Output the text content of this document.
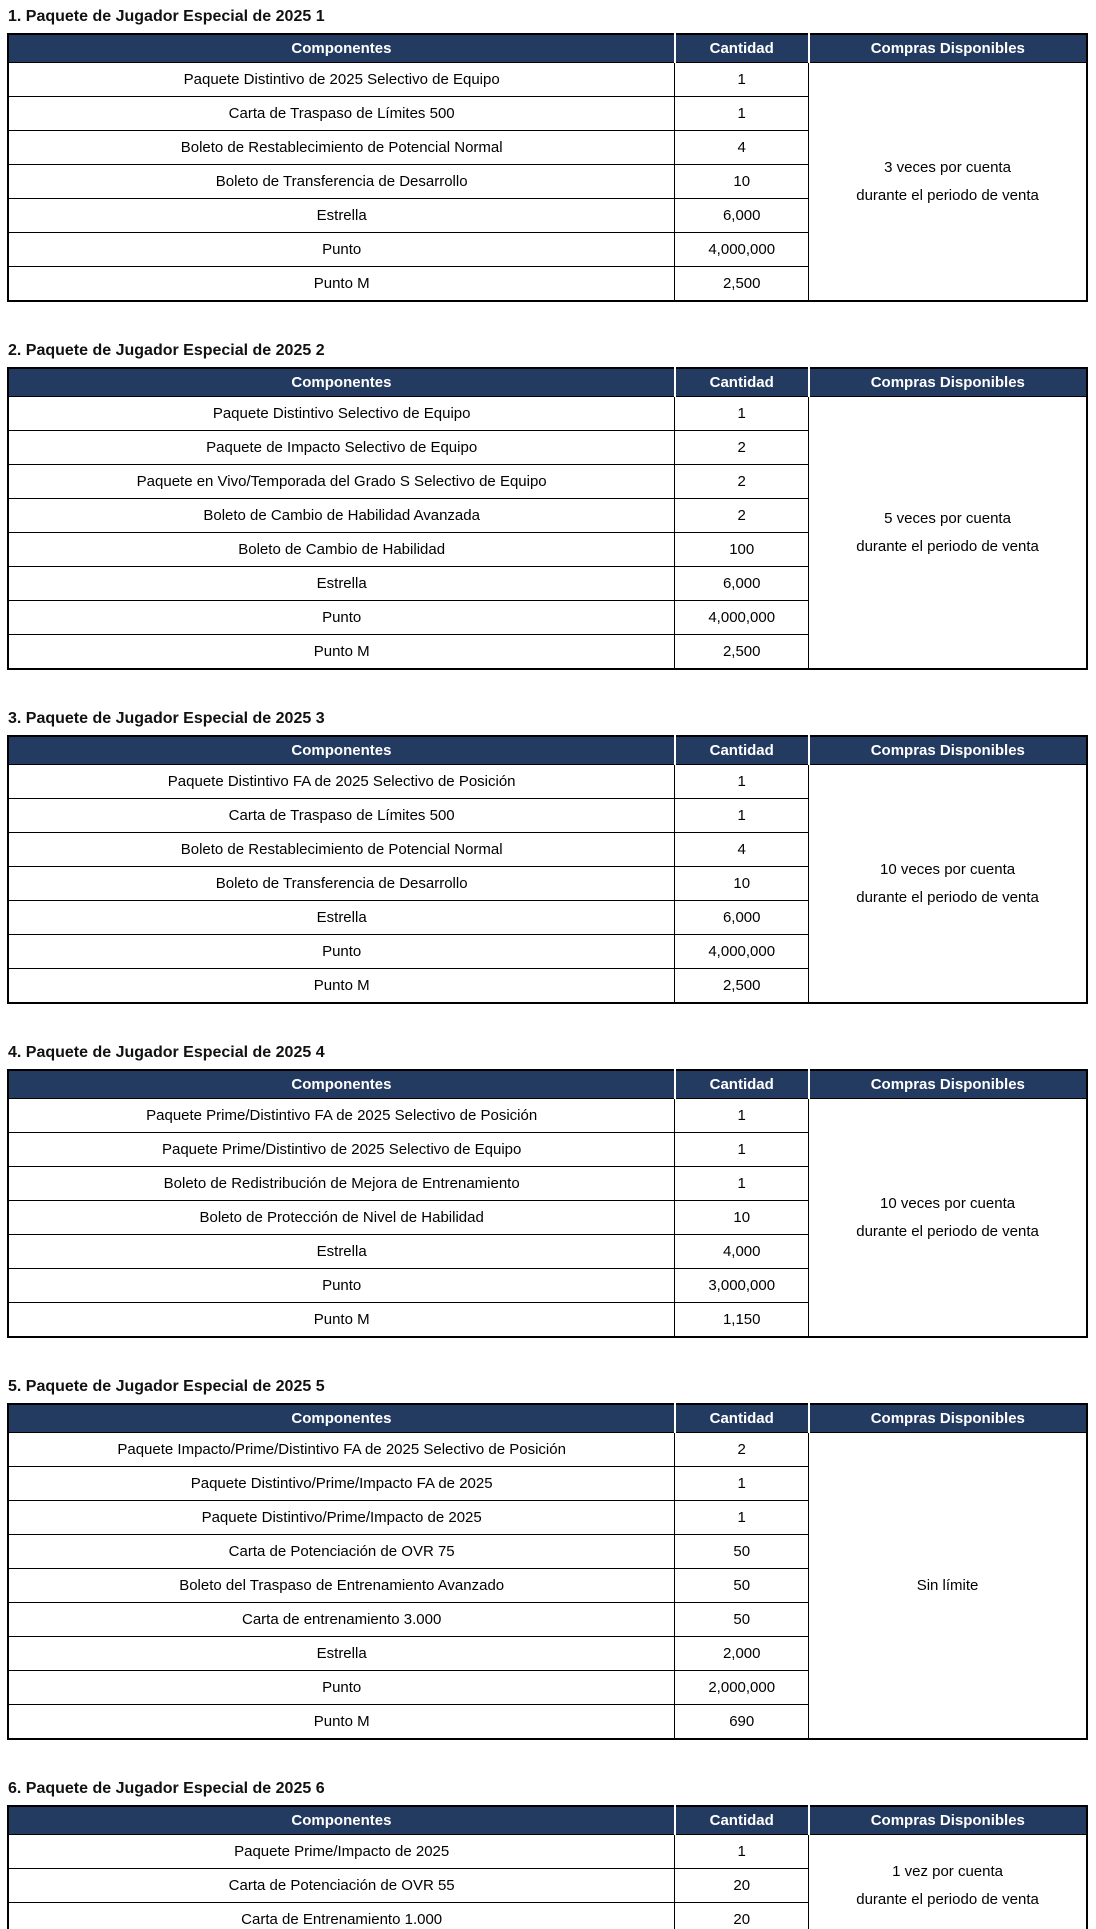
1. Paquete de Jugador Especial de 2025 1
Componentes	Cantidad	Compras Disponibles
Paquete Distintivo de 2025 Selectivo de Equipo	1	3 veces por cuenta
durante el periodo de venta

Carta de Traspaso de Límites 500	1	
Boleto de Restablecimiento de Potencial Normal	4	
Boleto de Transferencia de Desarrollo	10	
Estrella	6,000	
Punto	4,000,000	
Punto M	2,500	
2. Paquete de Jugador Especial de 2025 2
Componentes	Cantidad	Compras Disponibles
Paquete Distintivo Selectivo de Equipo	1	5 veces por cuenta
durante el periodo de venta

Paquete de Impacto Selectivo de Equipo	2	
Paquete en Vivo/Temporada del Grado S Selectivo de Equipo	2	
Boleto de Cambio de Habilidad Avanzada	2	
Boleto de Cambio de Habilidad	100	
Estrella	6,000	
Punto	4,000,000	
Punto M	2,500	
3. Paquete de Jugador Especial de 2025 3
Componentes	Cantidad	Compras Disponibles
Paquete Distintivo FA de 2025 Selectivo de Posición	1	10 veces por cuenta
durante el periodo de venta

Carta de Traspaso de Límites 500	1	
Boleto de Restablecimiento de Potencial Normal	4	
Boleto de Transferencia de Desarrollo	10	
Estrella	6,000	
Punto	4,000,000	
Punto M	2,500	
4. Paquete de Jugador Especial de 2025 4
Componentes	Cantidad	Compras Disponibles
Paquete Prime/Distintivo FA de 2025 Selectivo de Posición	1	10 veces por cuenta
durante el periodo de venta

Paquete Prime/Distintivo de 2025 Selectivo de Equipo	1	
Boleto de Redistribución de Mejora de Entrenamiento	1	
Boleto de Protección de Nivel de Habilidad	10	
Estrella	4,000	
Punto	3,000,000	
Punto M	1,150	
5. Paquete de Jugador Especial de 2025 5
Componentes	Cantidad	Compras Disponibles
Paquete Impacto/Prime/Distintivo FA de 2025 Selectivo de Posición	2	Sin límite

Paquete Distintivo/Prime/Impacto FA de 2025	1	
Paquete Distintivo/Prime/Impacto de 2025	1	
Carta de Potenciación de OVR 75	50	
Boleto del Traspaso de Entrenamiento Avanzado	50	
Carta de entrenamiento 3.000	50	
Estrella	2,000	
Punto	2,000,000	
Punto M	690	
6. Paquete de Jugador Especial de 2025 6
Componentes	Cantidad	Compras Disponibles
Paquete Prime/Impacto de 2025	1	1 vez por cuenta
durante el periodo de venta

Carta de Potenciación de OVR 55	20	
Carta de Entrenamiento 1.000	20	
